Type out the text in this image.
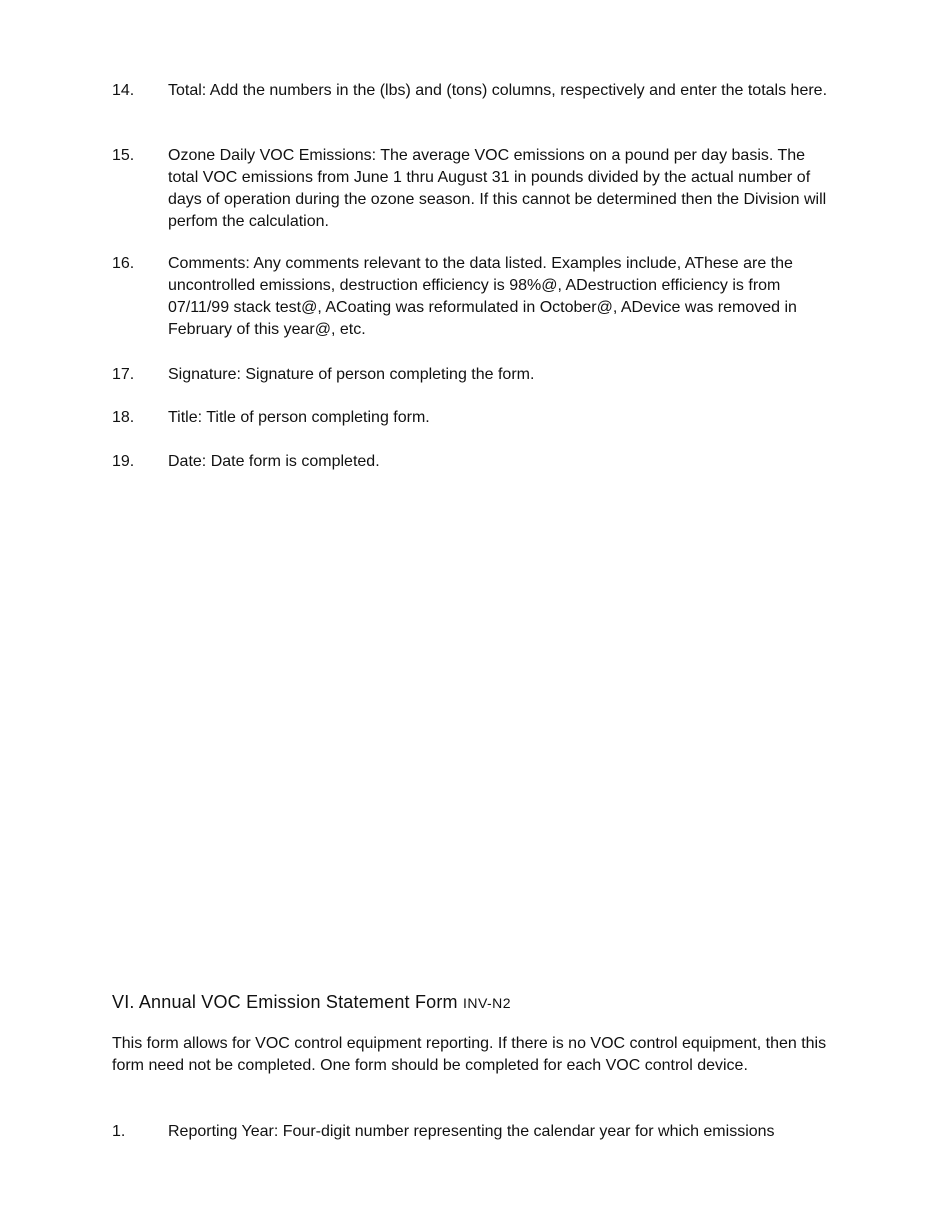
14.	Total: Add the numbers in the (lbs) and (tons) columns, respectively and enter the totals here.
15.	Ozone Daily VOC Emissions: The average VOC emissions on a pound per day basis. The total VOC emissions from June 1 thru August 31 in pounds divided by the actual number of days of operation during the ozone season. If this cannot be determined then the Division will perfom the calculation.
16.	Comments: Any comments relevant to the data listed. Examples include, AThese are the uncontrolled emissions, destruction efficiency is 98%@, ADestruction efficiency is from 07/11/99 stack test@, ACoating was reformulated in October@, ADevice was removed in February of this year@, etc.
17.	Signature: Signature of person completing the form.
18.	Title: Title of person completing form.
19.	Date: Date form is completed.
VI. Annual VOC Emission Statement Form INV-N2
This form allows for VOC control equipment reporting. If there is no VOC control equipment, then this form need not be completed. One form should be completed for each VOC control device.
1.	Reporting Year: Four-digit number representing the calendar year for which emissions
